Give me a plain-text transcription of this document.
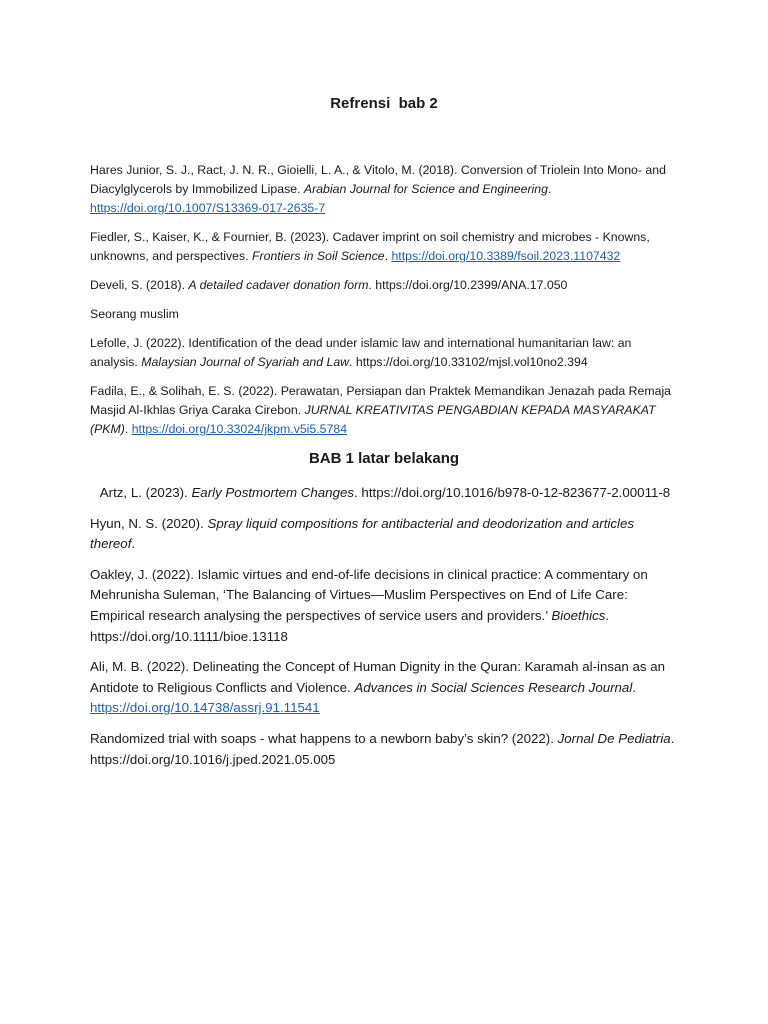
Refrensi  bab 2

Hares Junior, S. J., Ract, J. N. R., Gioielli, L. A., & Vitolo, M. (2018). Conversion of Triolein Into Mono- and Diacylglycerols by Immobilized Lipase. Arabian Journal for Science and Engineering. https://doi.org/10.1007/S13369-017-2635-7

Fiedler, S., Kaiser, K., & Fournier, B. (2023). Cadaver imprint on soil chemistry and microbes - Knowns, unknowns, and perspectives. Frontiers in Soil Science. https://doi.org/10.3389/fsoil.2023.1107432

Develi, S. (2018). A detailed cadaver donation form. https://doi.org/10.2399/ANA.17.050

Seorang muslim

Lefolle, J. (2022). Identification of the dead under islamic law and international humanitarian law: an analysis. Malaysian Journal of Syariah and Law. https://doi.org/10.33102/mjsl.vol10no2.394

Fadila, E., & Solihah, E. S. (2022). Perawatan, Persiapan dan Praktek Memandikan Jenazah pada Remaja Masjid Al-Ikhlas Griya Caraka Cirebon. JURNAL KREATIVITAS PENGABDIAN KEPADA MASYARAKAT (PKM). https://doi.org/10.33024/jkpm.v5i5.5784

BAB 1 latar belakang

Artz, L. (2023). Early Postmortem Changes. https://doi.org/10.1016/b978-0-12-823677-2.00011-8

Hyun, N. S. (2020). Spray liquid compositions for antibacterial and deodorization and articles thereof.

Oakley, J. (2022). Islamic virtues and end-of-life decisions in clinical practice: A commentary on Mehrunisha Suleman, ‘The Balancing of Virtues—Muslim Perspectives on End of Life Care: Empirical research analysing the perspectives of service users and providers.’ Bioethics. https://doi.org/10.1111/bioe.13118

Ali, M. B. (2022). Delineating the Concept of Human Dignity in the Quran: Karamah al-insan as an Antidote to Religious Conflicts and Violence. Advances in Social Sciences Research Journal. https://doi.org/10.14738/assrj.91.11541

Randomized trial with soaps - what happens to a newborn baby’s skin? (2022). Jornal De Pediatria. https://doi.org/10.1016/j.jped.2021.05.005
